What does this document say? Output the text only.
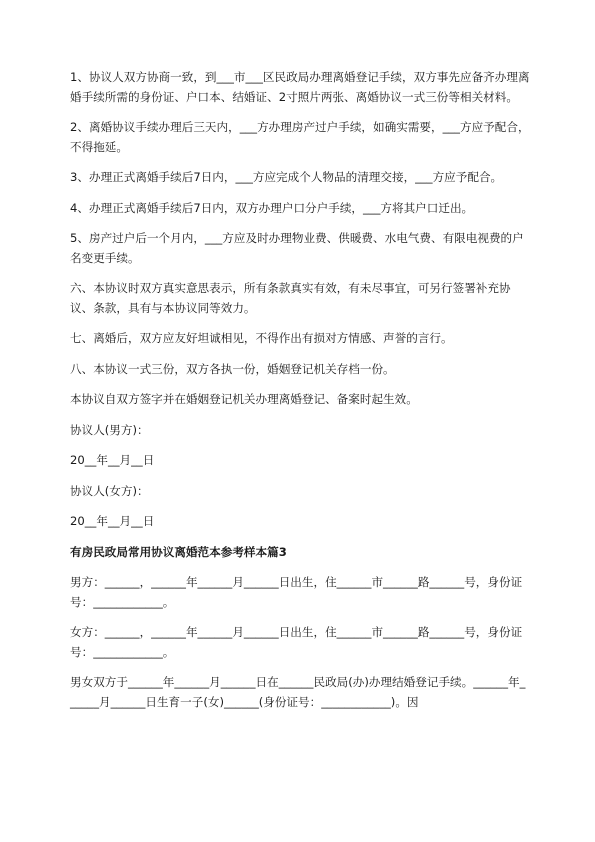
1、协议人双方协商一致，到___市___区民政局办理离婚登记手续，双方事先应备齐办理离婚手续所需的身份证、户口本、结婚证、2寸照片两张、离婚协议一式三份等相关材料。

2、离婚协议手续办理后三天内，___方办理房产过户手续，如确实需要，___方应予配合，不得拖延。

3、办理正式离婚手续后7日内，___方应完成个人物品的清理交接，___方应予配合。

4、办理正式离婚手续后7日内，双方办理户口分户手续，___方将其户口迁出。

5、房产过户后一个月内，___方应及时办理物业费、供暖费、水电气费、有限电视费的户名变更手续。

六、本协议时双方真实意思表示，所有条款真实有效，有未尽事宜，可另行签署补充协议、条款，具有与本协议同等效力。

七、离婚后，双方应友好坦诚相见，不得作出有损对方情感、声誉的言行。

八、本协议一式三份，双方各执一份，婚姻登记机关存档一份。

本协议自双方签字并在婚姻登记机关办理离婚登记、备案时起生效。

协议人(男方)：

20__年__月__日

协议人(女方)：

20__年__月__日

有房民政局常用协议离婚范本参考样本篇3

男方：______，______年______月______日出生，住______市______路______号，身份证号：____________。

女方：______，______年______月______日出生，住______市______路______号，身份证号：____________。

男女双方于______年______月______日在______民政局(办)办理结婚登记手续。______年______月______日生育一子(女)______(身份证号：____________)。因
